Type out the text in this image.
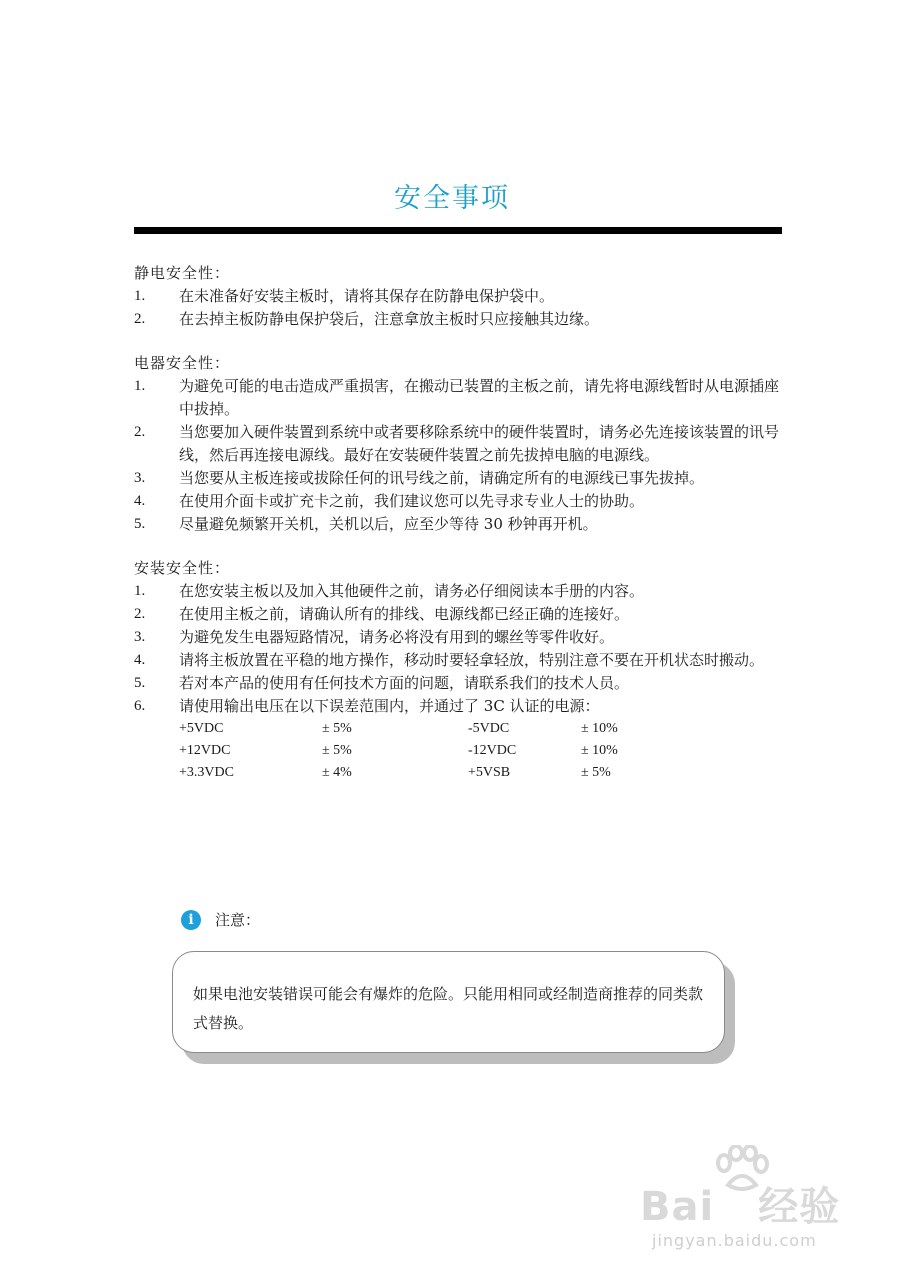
安全事项
静电安全性：
1.	在未准备好安装主板时，请将其保存在防静电保护袋中。
2.	在去掉主板防静电保护袋后，注意拿放主板时只应接触其边缘。
电器安全性：
1.	为避免可能的电击造成严重损害，在搬动已装置的主板之前，请先将电源线暂时从电源插座中拔掉。
2.	当您要加入硬件装置到系统中或者要移除系统中的硬件装置时，请务必先连接该装置的讯号线，然后再连接电源线。最好在安装硬件装置之前先拔掉电脑的电源线。
3.	当您要从主板连接或拔除任何的讯号线之前，请确定所有的电源线已事先拔掉。
4.	在使用介面卡或扩充卡之前，我们建议您可以先寻求专业人士的协助。
5.	尽量避免频繁开关机，关机以后，应至少等待 30 秒钟再开机。
安装安全性：
1.	在您安装主板以及加入其他硬件之前，请务必仔细阅读本手册的内容。
2.	在使用主板之前，请确认所有的排线、电源线都已经正确的连接好。
3.	为避免发生电器短路情况，请务必将没有用到的螺丝等零件收好。
4.	请将主板放置在平稳的地方操作，移动时要轻拿轻放，特别注意不要在开机状态时搬动。
5.	若对本产品的使用有任何技术方面的问题，请联系我们的技术人员。
6.	请使用输出电压在以下误差范围内，并通过了 3C 认证的电源：
+5VDC	± 5%	-5VDC	± 10%
+12VDC	± 5%	-12VDC	± 10%
+3.3VDC	± 4%	+5VSB	± 5%
i	注意：
如果电池安装错误可能会有爆炸的危险。只能用相同或经制造商推荐的同类款式替换。
Bai 经验
jingyan.baidu.com
